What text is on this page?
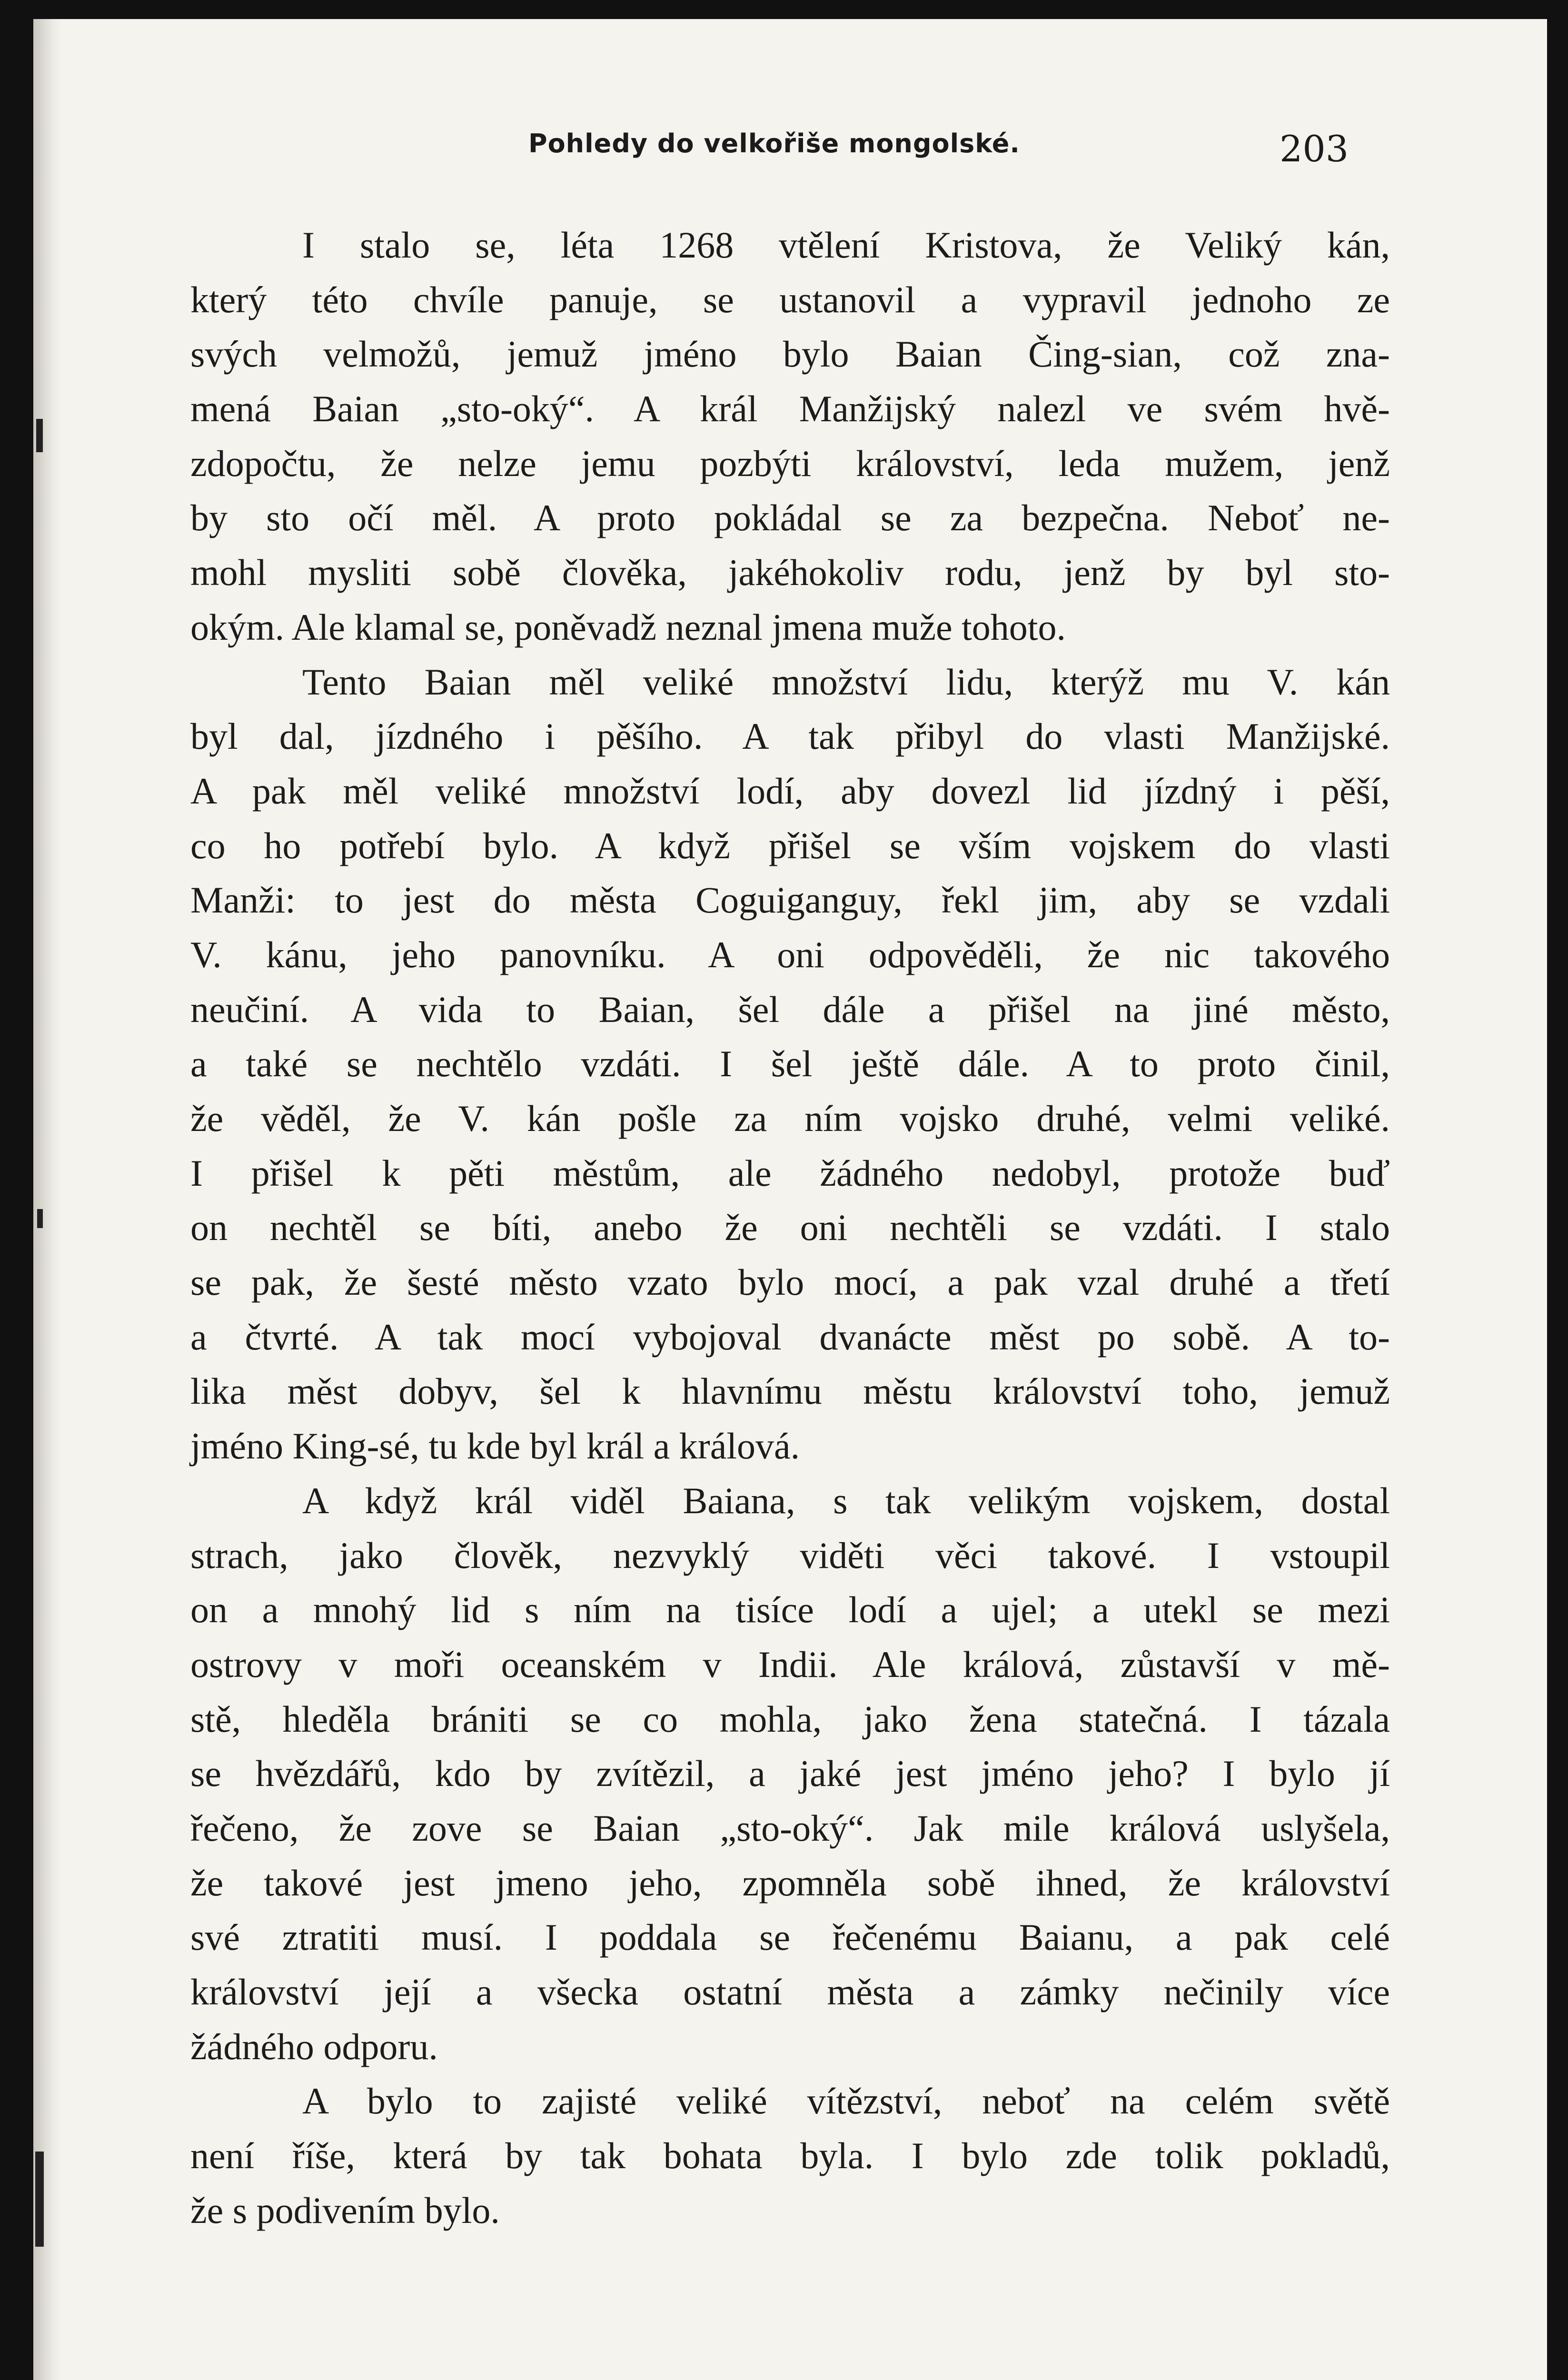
Pohledy do velkořiše mongolské.	203
I stalo se, léta 1268 vtělení Kristova, že Veliký kán,
který této chvíle panuje, se ustanovil a vypravil jednoho ze
svých velmožů, jemuž jméno bylo Baian Čing-sian, což zna-
mená Baian „sto-oký“. A král Manžijský nalezl ve svém hvě-
zdopočtu, že nelze jemu pozbýti království, leda mužem, jenž
by sto očí měl. A proto pokládal se za bezpečna. Neboť ne-
mohl mysliti sobě člověka, jakéhokoliv rodu, jenž by byl sto-
okým. Ale klamal se, poněvadž neznal jmena muže tohoto.
Tento Baian měl veliké množství lidu, kterýž mu V. kán
byl dal, jízdného i pěšího. A tak přibyl do vlasti Manžijské.
A pak měl veliké množství lodí, aby dovezl lid jízdný i pěší,
co ho potřebí bylo. A když přišel se vším vojskem do vlasti
Manži: to jest do města Coguiganguy, řekl jim, aby se vzdali
V. kánu, jeho panovníku. A oni odpověděli, že nic takového
neučiní. A vida to Baian, šel dále a přišel na jiné město,
a také se nechtělo vzdáti. I šel ještě dále. A to proto činil,
že věděl, že V. kán pošle za ním vojsko druhé, velmi veliké.
I přišel k pěti městům, ale žádného nedobyl, protože buď
on nechtěl se bíti, anebo že oni nechtěli se vzdáti. I stalo
se pak, že šesté město vzato bylo mocí, a pak vzal druhé a třetí
a čtvrté. A tak mocí vybojoval dvanácte měst po sobě. A to-
lika měst dobyv, šel k hlavnímu městu království toho, jemuž
jméno King-sé, tu kde byl král a králová.
A když král viděl Baiana, s tak velikým vojskem, dostal
strach, jako člověk, nezvyklý viděti věci takové. I vstoupil
on a mnohý lid s ním na tisíce lodí a ujel; a utekl se mezi
ostrovy v moři oceanském v Indii. Ale králová, zůstavší v mě-
stě, hleděla brániti se co mohla, jako žena statečná. I tázala
se hvězdářů, kdo by zvítězil, a jaké jest jméno jeho? I bylo jí
řečeno, že zove se Baian „sto-oký“. Jak mile králová uslyšela,
že takové jest jmeno jeho, zpomněla sobě ihned, že království
své ztratiti musí. I poddala se řečenému Baianu, a pak celé
království její a všecka ostatní města a zámky nečinily více
žádného odporu.
A bylo to zajisté veliké vítězství, neboť na celém světě
není říše, která by tak bohata byla. I bylo zde tolik pokladů,
že s podivením bylo.
